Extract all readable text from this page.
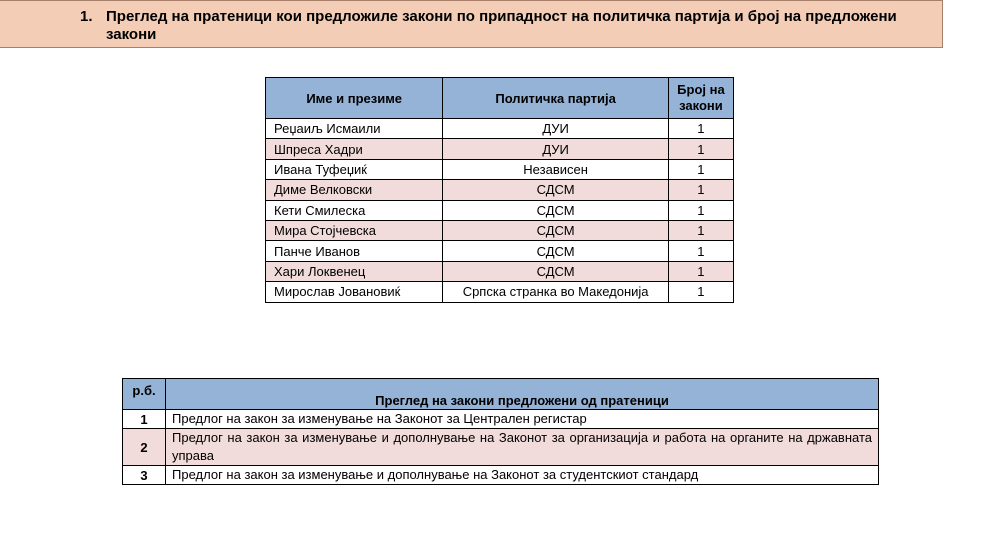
1. Преглед на пратеници кои предложиле закони по припадност на политичка партија и број на предложени закони
Име и презиме	Политичка партија	Број на закони
Реџаиљ Исмаили	ДУИ	1
Шпреса Хадри	ДУИ	1
Ивана Туфеџиќ	Независен	1
Диме Велковски	СДСМ	1
Кети Смилеска	СДСМ	1
Мира Стојчевска	СДСМ	1
Панче Иванов	СДСМ	1
Хари Локвенец	СДСМ	1
Мирослав Јовановиќ	Српска странка во Македонија	1
р.б.	Преглед на закони предложени од пратеници
1	Предлог на закон за изменување на Законот за Централен регистар
2	Предлог на закон за изменување и дополнување на Законот за организација и работа на органите на државната управа
3	Предлог на закон за изменување и дополнување на Законот за студентскиот стандард
